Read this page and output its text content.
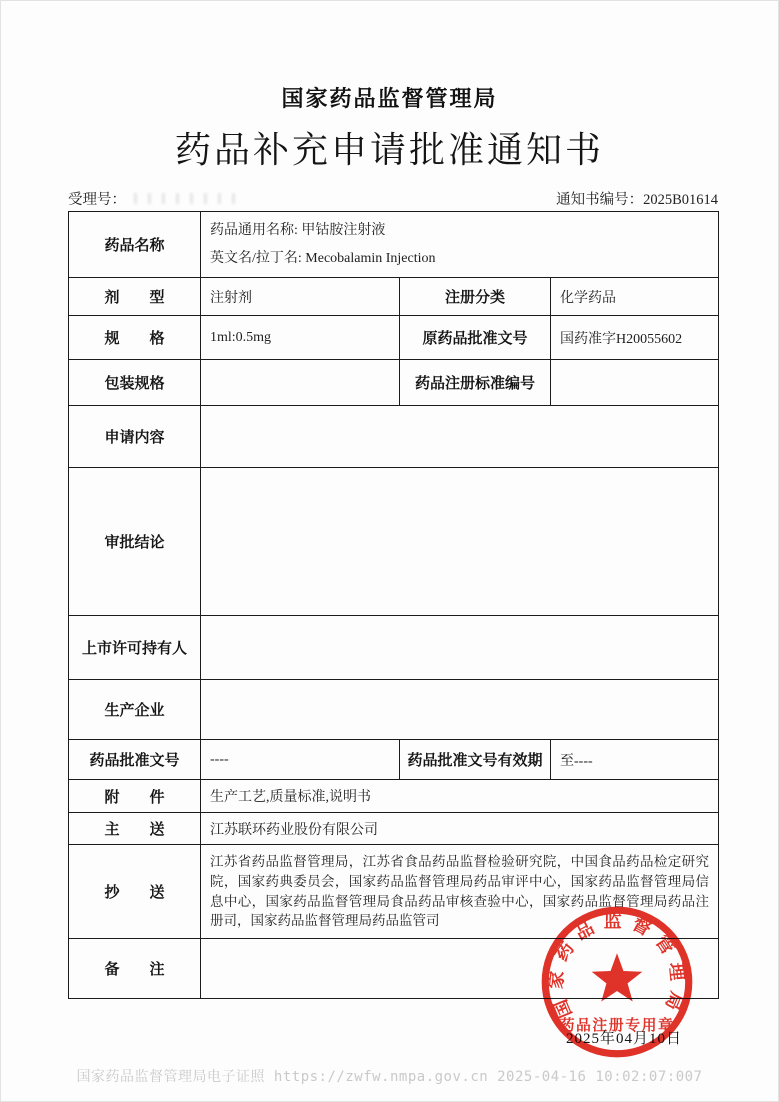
国家药品监督管理局
药品补充申请批准通知书
受理号：	通知书编号：2025B01614
药品名称	药品通用名称: 甲钴胺注射液
英文名/拉丁名: Mecobalamin Injection		

剂　　型	注射剂	注册分类	化学药品
规　　格	1ml:0.5mg	原药品批准文号	国药准字H20055602
包装规格		药品注册标准编号	
申请内容			
审批结论			
上市许可持有人			
生产企业			
药品批准文号	----	药品批准文号有效期	至----
附　　件	生产工艺,质量标准,说明书		
主　　送	江苏联环药业股份有限公司		
抄　　送	江苏省药品监督管理局，江苏省食品药品监督检验研究院，中国食品药品检定研究院，国家药典委员会，国家药品监督管理局药品审评中心，国家药品监督管理局信息中心，国家药品监督管理局食品药品审核查验中心，国家药品监督管理局药品注册司，国家药品监督管理局药品监管司		

备　　注			
2025年04月10日
国家药品监督管理局
药品注册专用章
国家药品监督管理局电子证照 https://zwfw.nmpa.gov.cn 2025-04-16 10:02:07:007
